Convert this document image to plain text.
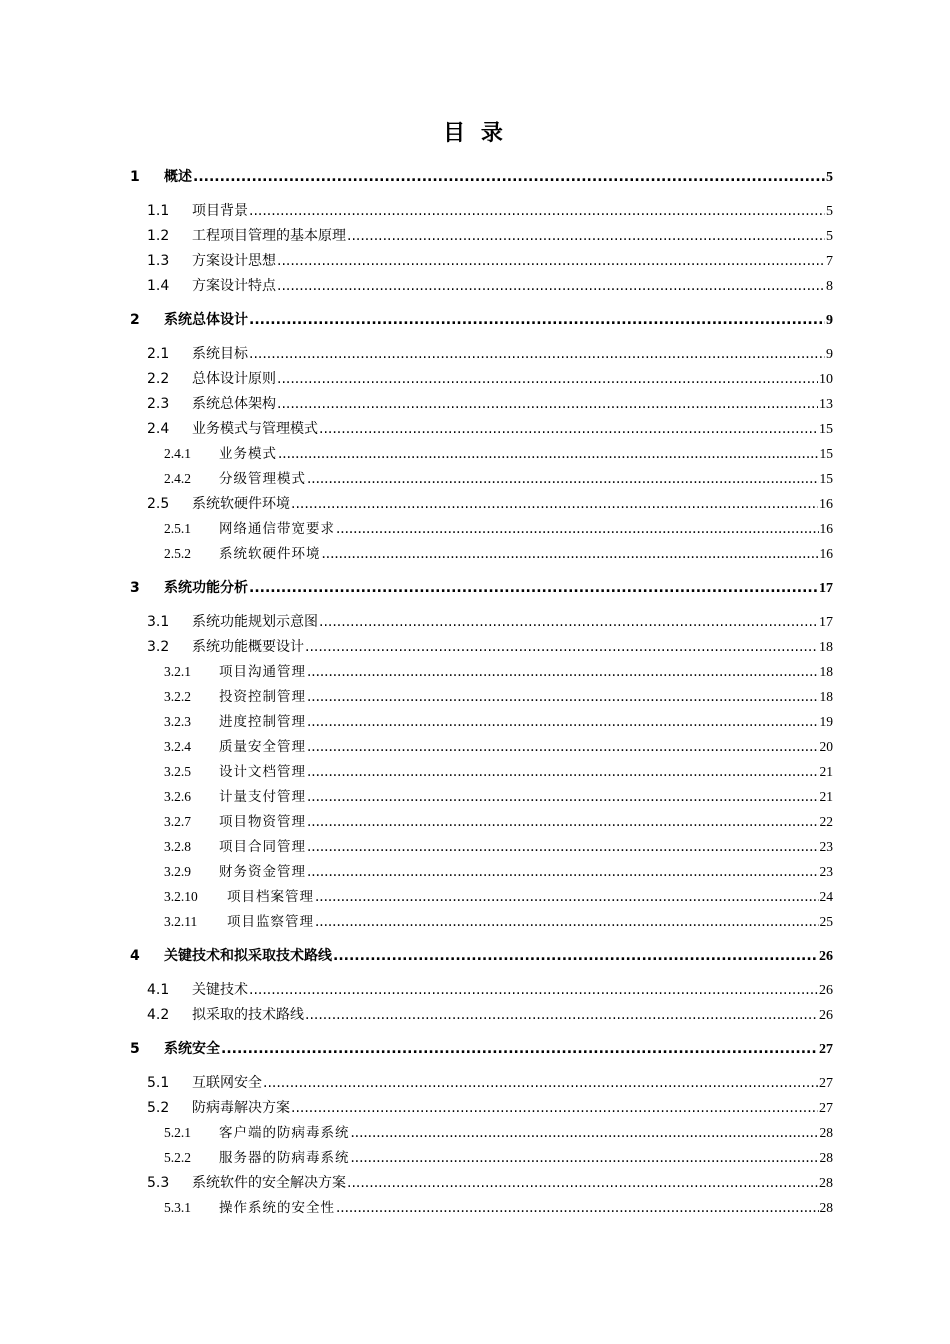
目 录
1	概述 .....	5
1.1	项目背景 .....	5
1.2	工程项目管理的基本原理 .....	5
1.3	方案设计思想 .....	7
1.4	方案设计特点 .....	8
2	系统总体设计 .....	9
2.1	系统目标 .....	9
2.2	总体设计原则 .....	10
2.3	系统总体架构 .....	13
2.4	业务模式与管理模式 .....	15
2.4.1	业务模式 .....	15
2.4.2	分级管理模式 .....	15
2.5	系统软硬件环境 .....	16
2.5.1	网络通信带宽要求 .....	16
2.5.2	系统软硬件环境 .....	16
3	系统功能分析 .....	17
3.1	系统功能规划示意图 .....	17
3.2	系统功能概要设计 .....	18
3.2.1	项目沟通管理 .....	18
3.2.2	投资控制管理 .....	18
3.2.3	进度控制管理 .....	19
3.2.4	质量安全管理 .....	20
3.2.5	设计文档管理 .....	21
3.2.6	计量支付管理 .....	21
3.2.7	项目物资管理 .....	22
3.2.8	项目合同管理 .....	23
3.2.9	财务资金管理 .....	23
3.2.10	项目档案管理 .....	24
3.2.11	项目监察管理 .....	25
4	关键技术和拟采取技术路线 .....	26
4.1	关键技术 .....	26
4.2	拟采取的技术路线 .....	26
5	系统安全 .....	27
5.1	互联网安全 .....	27
5.2	防病毒解决方案 .....	27
5.2.1	客户端的防病毒系统 .....	28
5.2.2	服务器的防病毒系统 .....	28
5.3	系统软件的安全解决方案 .....	28
5.3.1	操作系统的安全性 .....	28
